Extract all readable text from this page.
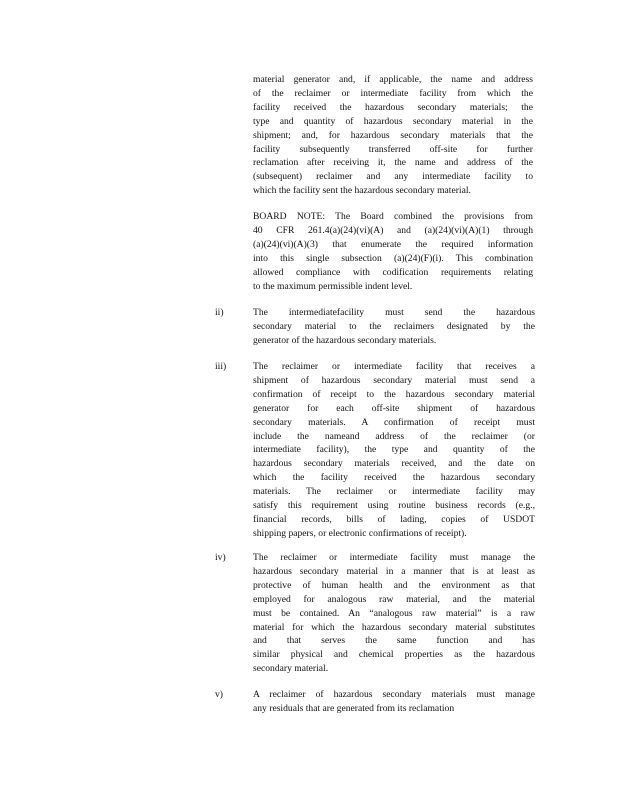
material generator and, if applicable, the name and address
of the reclaimer or intermediate facility from which the
facility received the hazardous secondary materials; the
type and quantity of hazardous secondary material in the
shipment; and, for hazardous secondary materials that the
facility subsequently transferred off-site for further
reclamation after receiving it, the name and address of the
(subsequent) reclaimer and any intermediate facility to
which the facility sent the hazardous secondary material.
BOARD NOTE: The Board combined the provisions from
40 CFR 261.4(a)(24)(vi)(A) and (a)(24)(vi)(A)(1) through
(a)(24)(vi)(A)(3) that enumerate the required information
into this single subsection (a)(24)(F)(i). This combination
allowed compliance with codification requirements relating
to the maximum permissible indent level.
ii)	The intermediatefacility must send the hazardous
secondary material to the reclaimers designated by the
generator of the hazardous secondary materials.
iii)	The reclaimer or intermediate facility that receives a
shipment of hazardous secondary material must send a
confirmation of receipt to the hazardous secondary material
generator for each off-site shipment of hazardous
secondary materials. A confirmation of receipt must
include the nameand address of the reclaimer (or
intermediate facility), the type and quantity of the
hazardous secondary materials received, and the date on
which the facility received the hazardous secondary
materials. The reclaimer or intermediate facility may
satisfy this requirement using routine business records (e.g.,
financial records, bills of lading, copies of USDOT
shipping papers, or electronic confirmations of receipt).
iv)	The reclaimer or intermediate facility must manage the
hazardous secondary material in a manner that is at least as
protective of human health and the environment as that
employed for analogous raw material, and the material
must be contained. An “analogous raw material” is a raw
material for which the hazardous secondary material substitutes
and that serves the same function and has
similar physical and chemical properties as the hazardous
secondary material.
v)	A reclaimer of hazardous secondary materials must manage
any residuals that are generated from its reclamation
